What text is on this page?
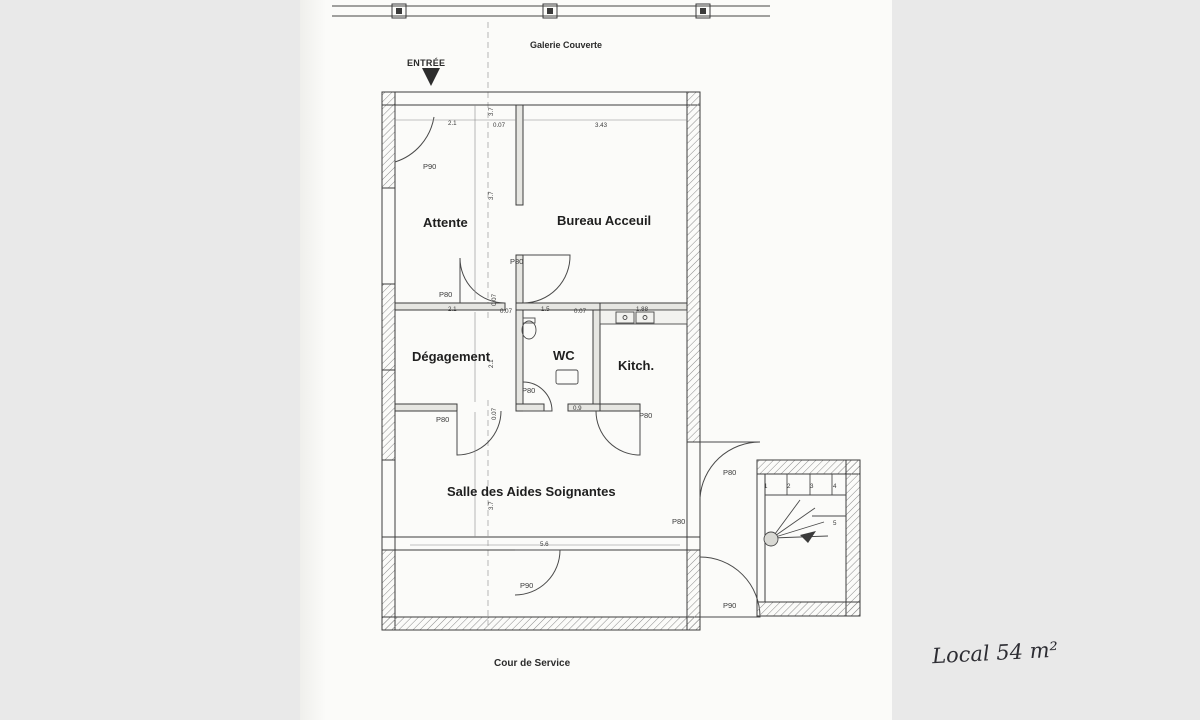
ENTRÉE
Galerie Couverte
Cour de Service
Attente	Bureau Acceuil
Dégagement	WC
Kitch.
Salle des Aides Soignantes
P90
P80
P80
P80
P80	P80
P80
P80
P90
P90
2.1	0.07	3.43
3.7
3.7
2.1	0.07	1.5	0.07	1.88
0.07
2.1
0.07
3.7
5.6
0.9
1	2	3	4
5
Local 54 m²
